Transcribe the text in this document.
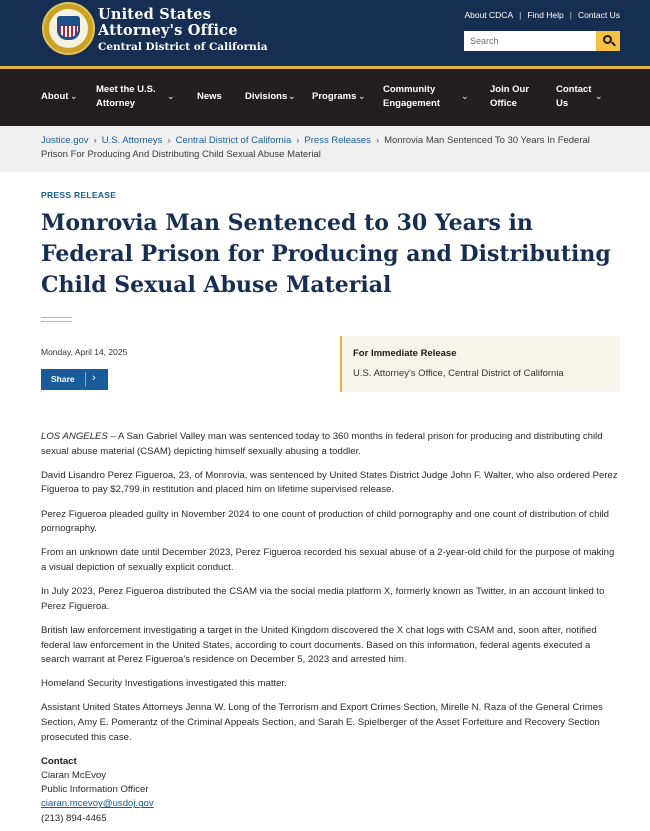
United States
Attorney's Office
Central District of California
About CDCA | Find Help | Contact Us
Search
About ⌄
Meet the U.S. Attorney
⌄ News Divisions ⌄ Programs ⌄
Community Engagement
⌄
Join Our Office
Contact Us
⌄
Justice.gov › U.S. Attorneys › Central District of California › Press Releases › Monrovia Man Sentenced To 30 Years In Federal Prison For Producing And Distributing Child Sexual Abuse Material
PRESS RELEASE
Monrovia Man Sentenced to 30 Years in Federal Prison for Producing and Distributing Child Sexual Abuse Material
Monday, April 14, 2025
Share ›
For Immediate Release
U.S. Attorney's Office, Central District of California

LOS ANGELES – A San Gabriel Valley man was sentenced today to 360 months in federal prison for producing and distributing child sexual abuse material (CSAM) depicting himself sexually abusing a toddler.

David Lisandro Perez Figueroa, 23, of Monrovia, was sentenced by United States District Judge John F. Walter, who also ordered Perez Figueroa to pay $2,799 in restitution and placed him on lifetime supervised release.

Perez Figueroa pleaded guilty in November 2024 to one count of production of child pornography and one count of distribution of child pornography.

From an unknown date until December 2023, Perez Figueroa recorded his sexual abuse of a 2-year-old child for the purpose of making a visual depiction of sexually explicit conduct.

In July 2023, Perez Figueroa distributed the CSAM via the social media platform X, formerly known as Twitter, in an account linked to Perez Figueroa.

British law enforcement investigating a target in the United Kingdom discovered the X chat logs with CSAM and, soon after, notified federal law enforcement in the United States, according to court documents. Based on this information, federal agents executed a search warrant at Perez Figueroa's residence on December 5, 2023 and arrested him.

Homeland Security Investigations investigated this matter.

Assistant United States Attorneys Jenna W. Long of the Terrorism and Export Crimes Section, Mirelle N. Raza of the General Crimes Section, Amy E. Pomerantz of the Criminal Appeals Section, and Sarah E. Spielberger of the Asset Forfeiture and Recovery Section prosecuted this case.

Contact
Ciaran McEvoy
Public Information Officer
ciaran.mcevoy@usdoj.gov
(213) 894-4465
